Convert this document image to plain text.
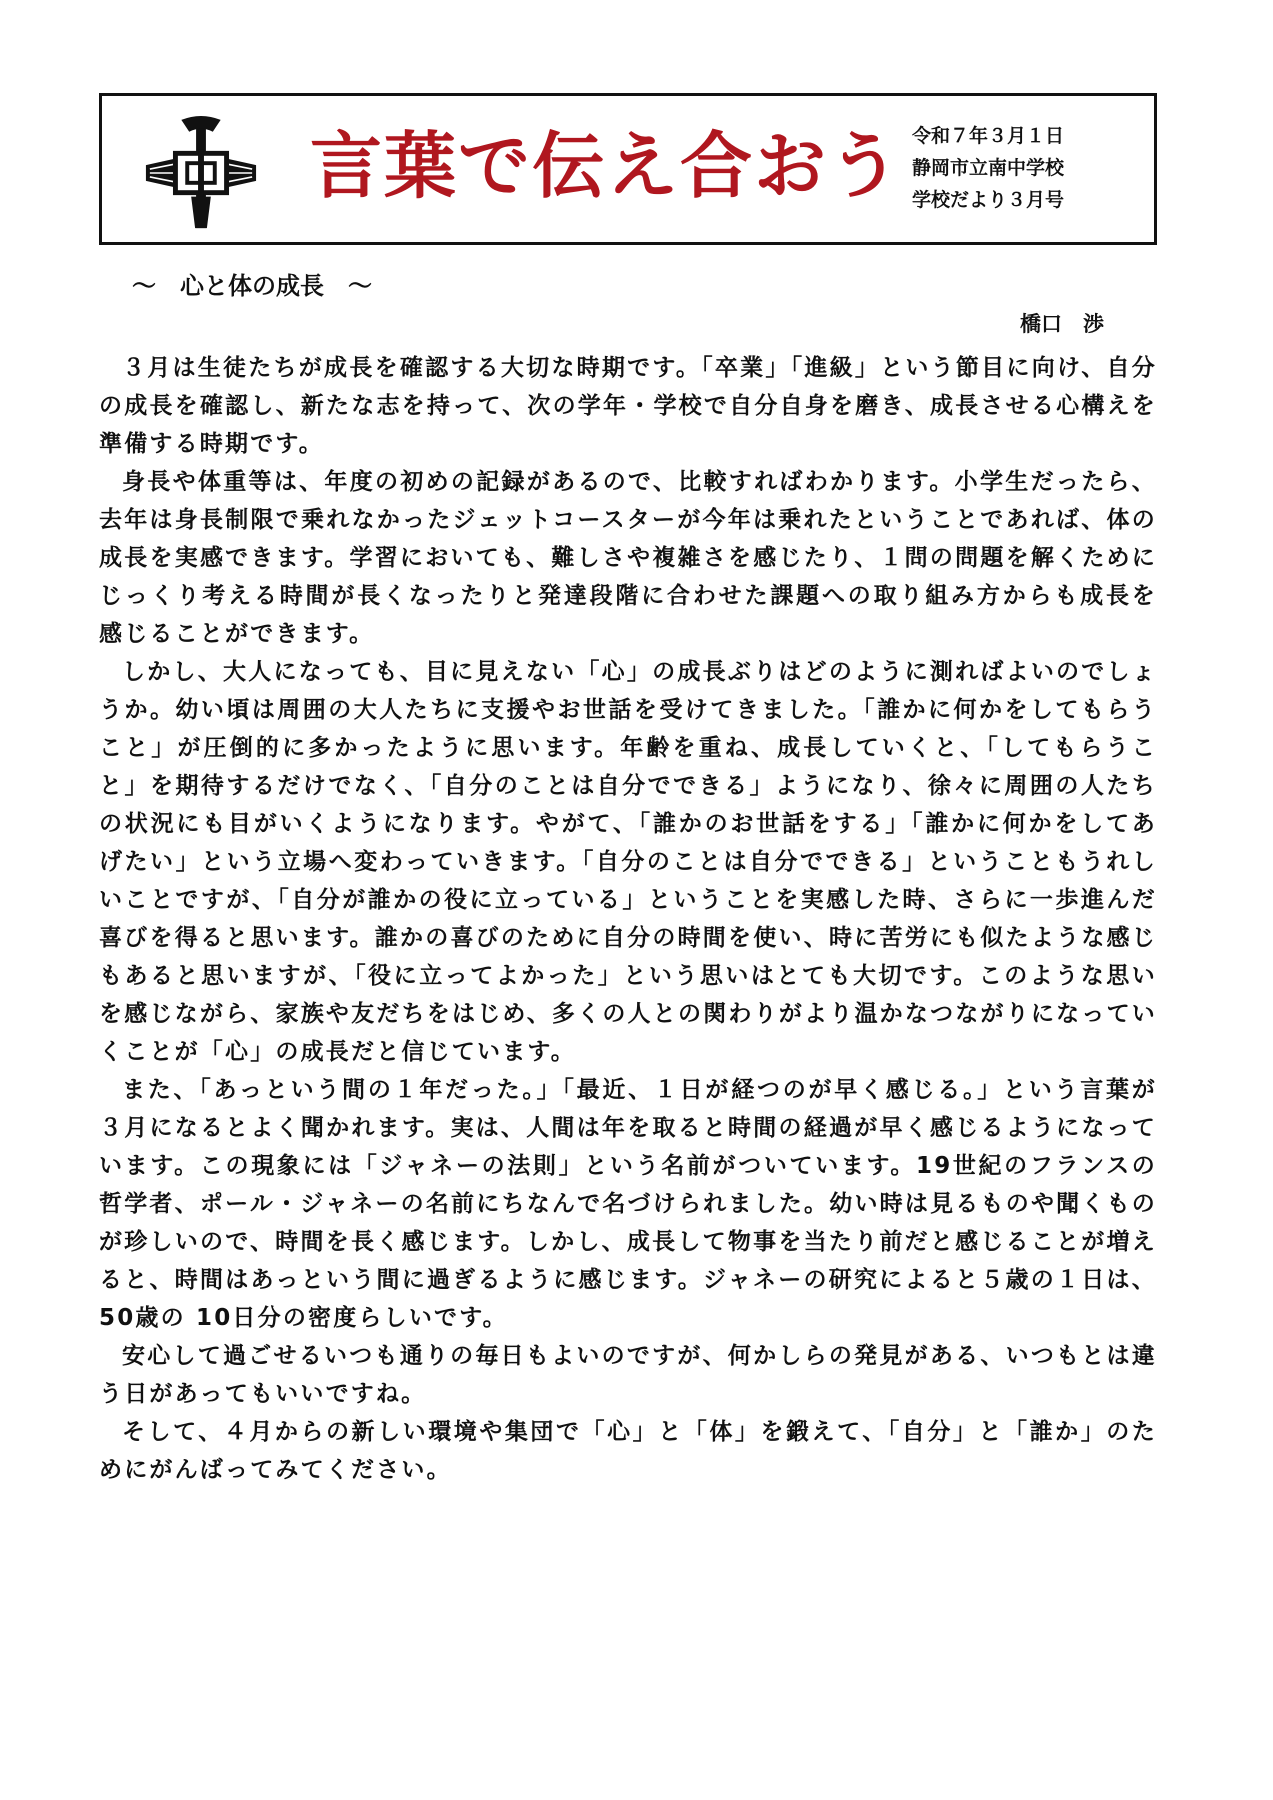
言葉で伝え合おう 令和７年３月１日
静岡市立南中学校
学校だより３月号
～　心と体の成長　～
橋口　渉

３月は生徒たちが成長を確認する大切な時期です。「卒業」「進級」という節目に向け、自分の成長を確認し、新たな志を持って、次の学年・学校で自分自身を磨き、成長させる心構えを準備する時期です。

身長や体重等は、年度の初めの記録があるので、比較すればわかります。小学生だったら、去年は身長制限で乗れなかったジェットコースターが今年は乗れたということであれば、体の成長を実感できます。学習においても、難しさや複雑さを感じたり、１問の問題を解くためにじっくり考える時間が長くなったりと発達段階に合わせた課題への取り組み方からも成長を感じることができます。

しかし、大人になっても、目に見えない「心」の成長ぶりはどのように測ればよいのでしょうか。幼い頃は周囲の大人たちに支援やお世話を受けてきました。「誰かに何かをしてもらうこと」が圧倒的に多かったように思います。年齢を重ね、成長していくと、「してもらうこと」を期待するだけでなく、「自分のことは自分でできる」ようになり、徐々に周囲の人たちの状況にも目がいくようになります。やがて、「誰かのお世話をする」「誰かに何かをしてあげたい」という立場へ変わっていきます。「自分のことは自分でできる」ということもうれしいことですが、「自分が誰かの役に立っている」ということを実感した時、さらに一歩進んだ喜びを得ると思います。誰かの喜びのために自分の時間を使い、時に苦労にも似たような感じもあると思いますが、「役に立ってよかった」という思いはとても大切です。このような思いを感じながら、家族や友だちをはじめ、多くの人との関わりがより温かなつながりになっていくことが「心」の成長だと信じています。

また、「あっという間の１年だった。」「最近、１日が経つのが早く感じる。」という言葉が３月になるとよく聞かれます。実は、人間は年を取ると時間の経過が早く感じるようになっています。この現象には「ジャネーの法則」という名前がついています。19世紀のフランスの哲学者、ポール・ジャネーの名前にちなんで名づけられました。幼い時は見るものや聞くものが珍しいので、時間を長く感じます。しかし、成長して物事を当たり前だと感じることが増えると、時間はあっという間に過ぎるように感じます。ジャネーの研究によると５歳の１日は、50歳の 10日分の密度らしいです。

安心して過ごせるいつも通りの毎日もよいのですが、何かしらの発見がある、いつもとは違う日があってもいいですね。

そして、４月からの新しい環境や集団で「心」と「体」を鍛えて、「自分」と「誰か」のためにがんばってみてください。
